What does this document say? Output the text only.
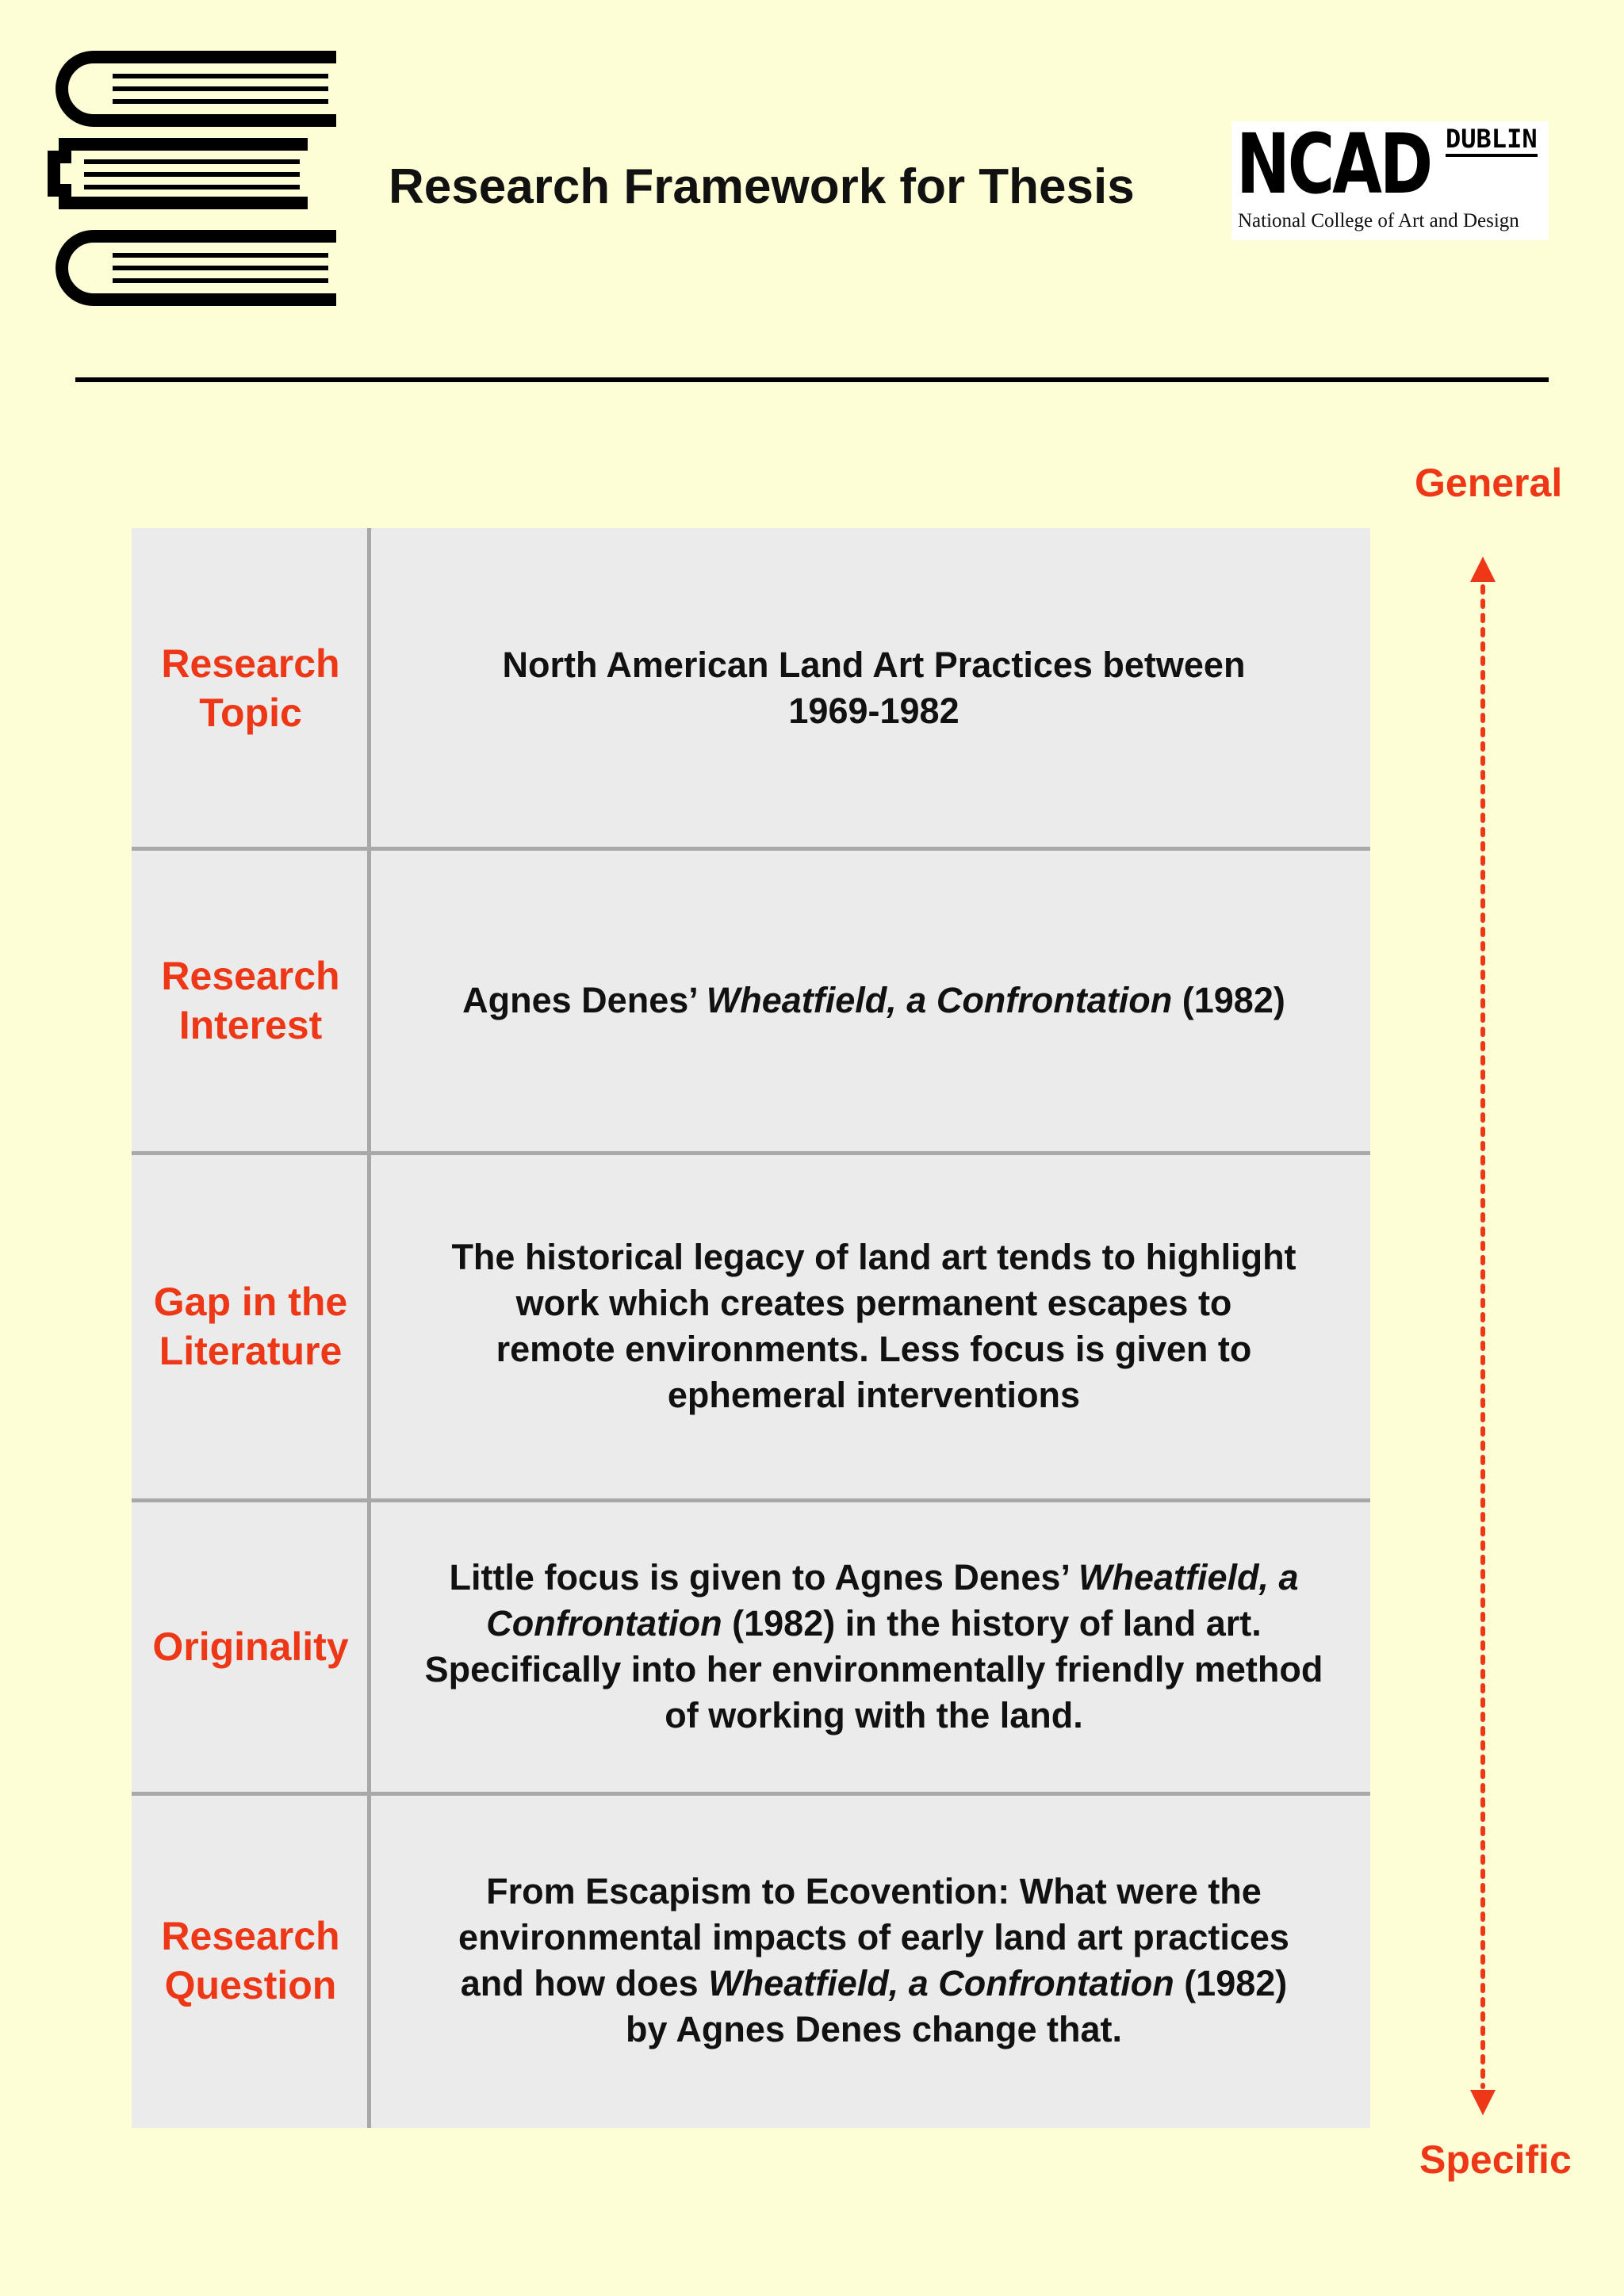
Research Framework for Thesis	NCAD DUBLIN
National College of Art and Design
Research
Topic
North American Land Art Practices between
1969-1982
Research
Interest
Agnes Denes’ Wheatfield, a Confrontation (1982)
Gap in the
Literature
The historical legacy of land art tends to highlight
work which creates permanent escapes to
remote environments. Less focus is given to
ephemeral interventions
Originality
Little focus is given to Agnes Denes’ Wheatfield, a
Confrontation (1982) in the history of land art.
Specifically into her environmentally friendly method
of working with the land.
Research
Question
From Escapism to Ecovention: What were the
environmental impacts of early land art practices
and how does Wheatfield, a Confrontation (1982)
by Agnes Denes change that.
General
Specific
